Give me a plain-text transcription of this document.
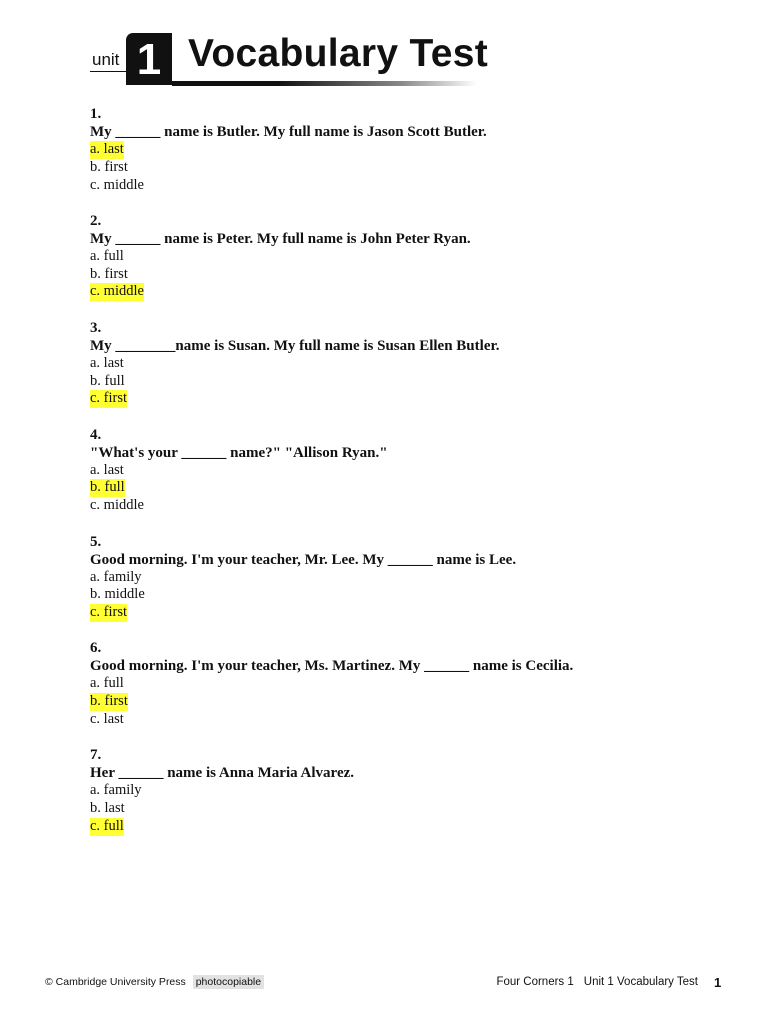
unit 1 Vocabulary Test
1.
My ______ name is Butler. My full name is Jason Scott Butler.
a. last
b. first
c. middle
2.
My ______ name is Peter. My full name is John Peter Ryan.
a. full
b. first
c. middle
3.
My ________name is Susan. My full name is Susan Ellen Butler.
a. last
b. full
c. first
4.
"What's your ______ name?" "Allison Ryan."
a. last
b. full
c. middle
5.
Good morning. I'm your teacher, Mr. Lee. My ______ name is Lee.
a. family
b. middle
c. first
6.
Good morning. I'm your teacher, Ms. Martinez. My ______ name is Cecilia.
a. full
b. first
c. last
7.
Her ______ name is Anna Maria Alvarez.
a. family
b. last
c. full
© Cambridge University Press photocopiable	Four Corners 1 Unit 1 Vocabulary Test 1
